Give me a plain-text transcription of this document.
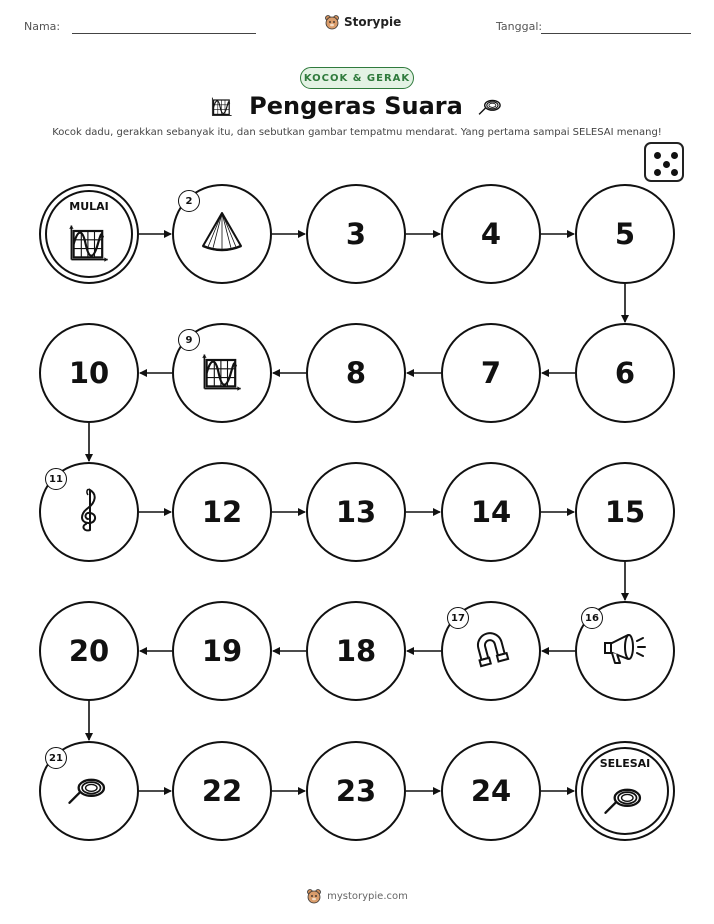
Nama:	Storypie	Tanggal:
KOCOK & GERAK
Pengeras Suara
Kocok dadu, gerakkan sebanyak itu, dan sebutkan gambar tempatmu mendarat. Yang pertama sampai SELESAI menang!
MULAI	2
3	4	5
6
7
8
9
10
11
12	13	14	15
16
17
18
19
20
21
22	23	24
SELESAI
mystorypie.com
